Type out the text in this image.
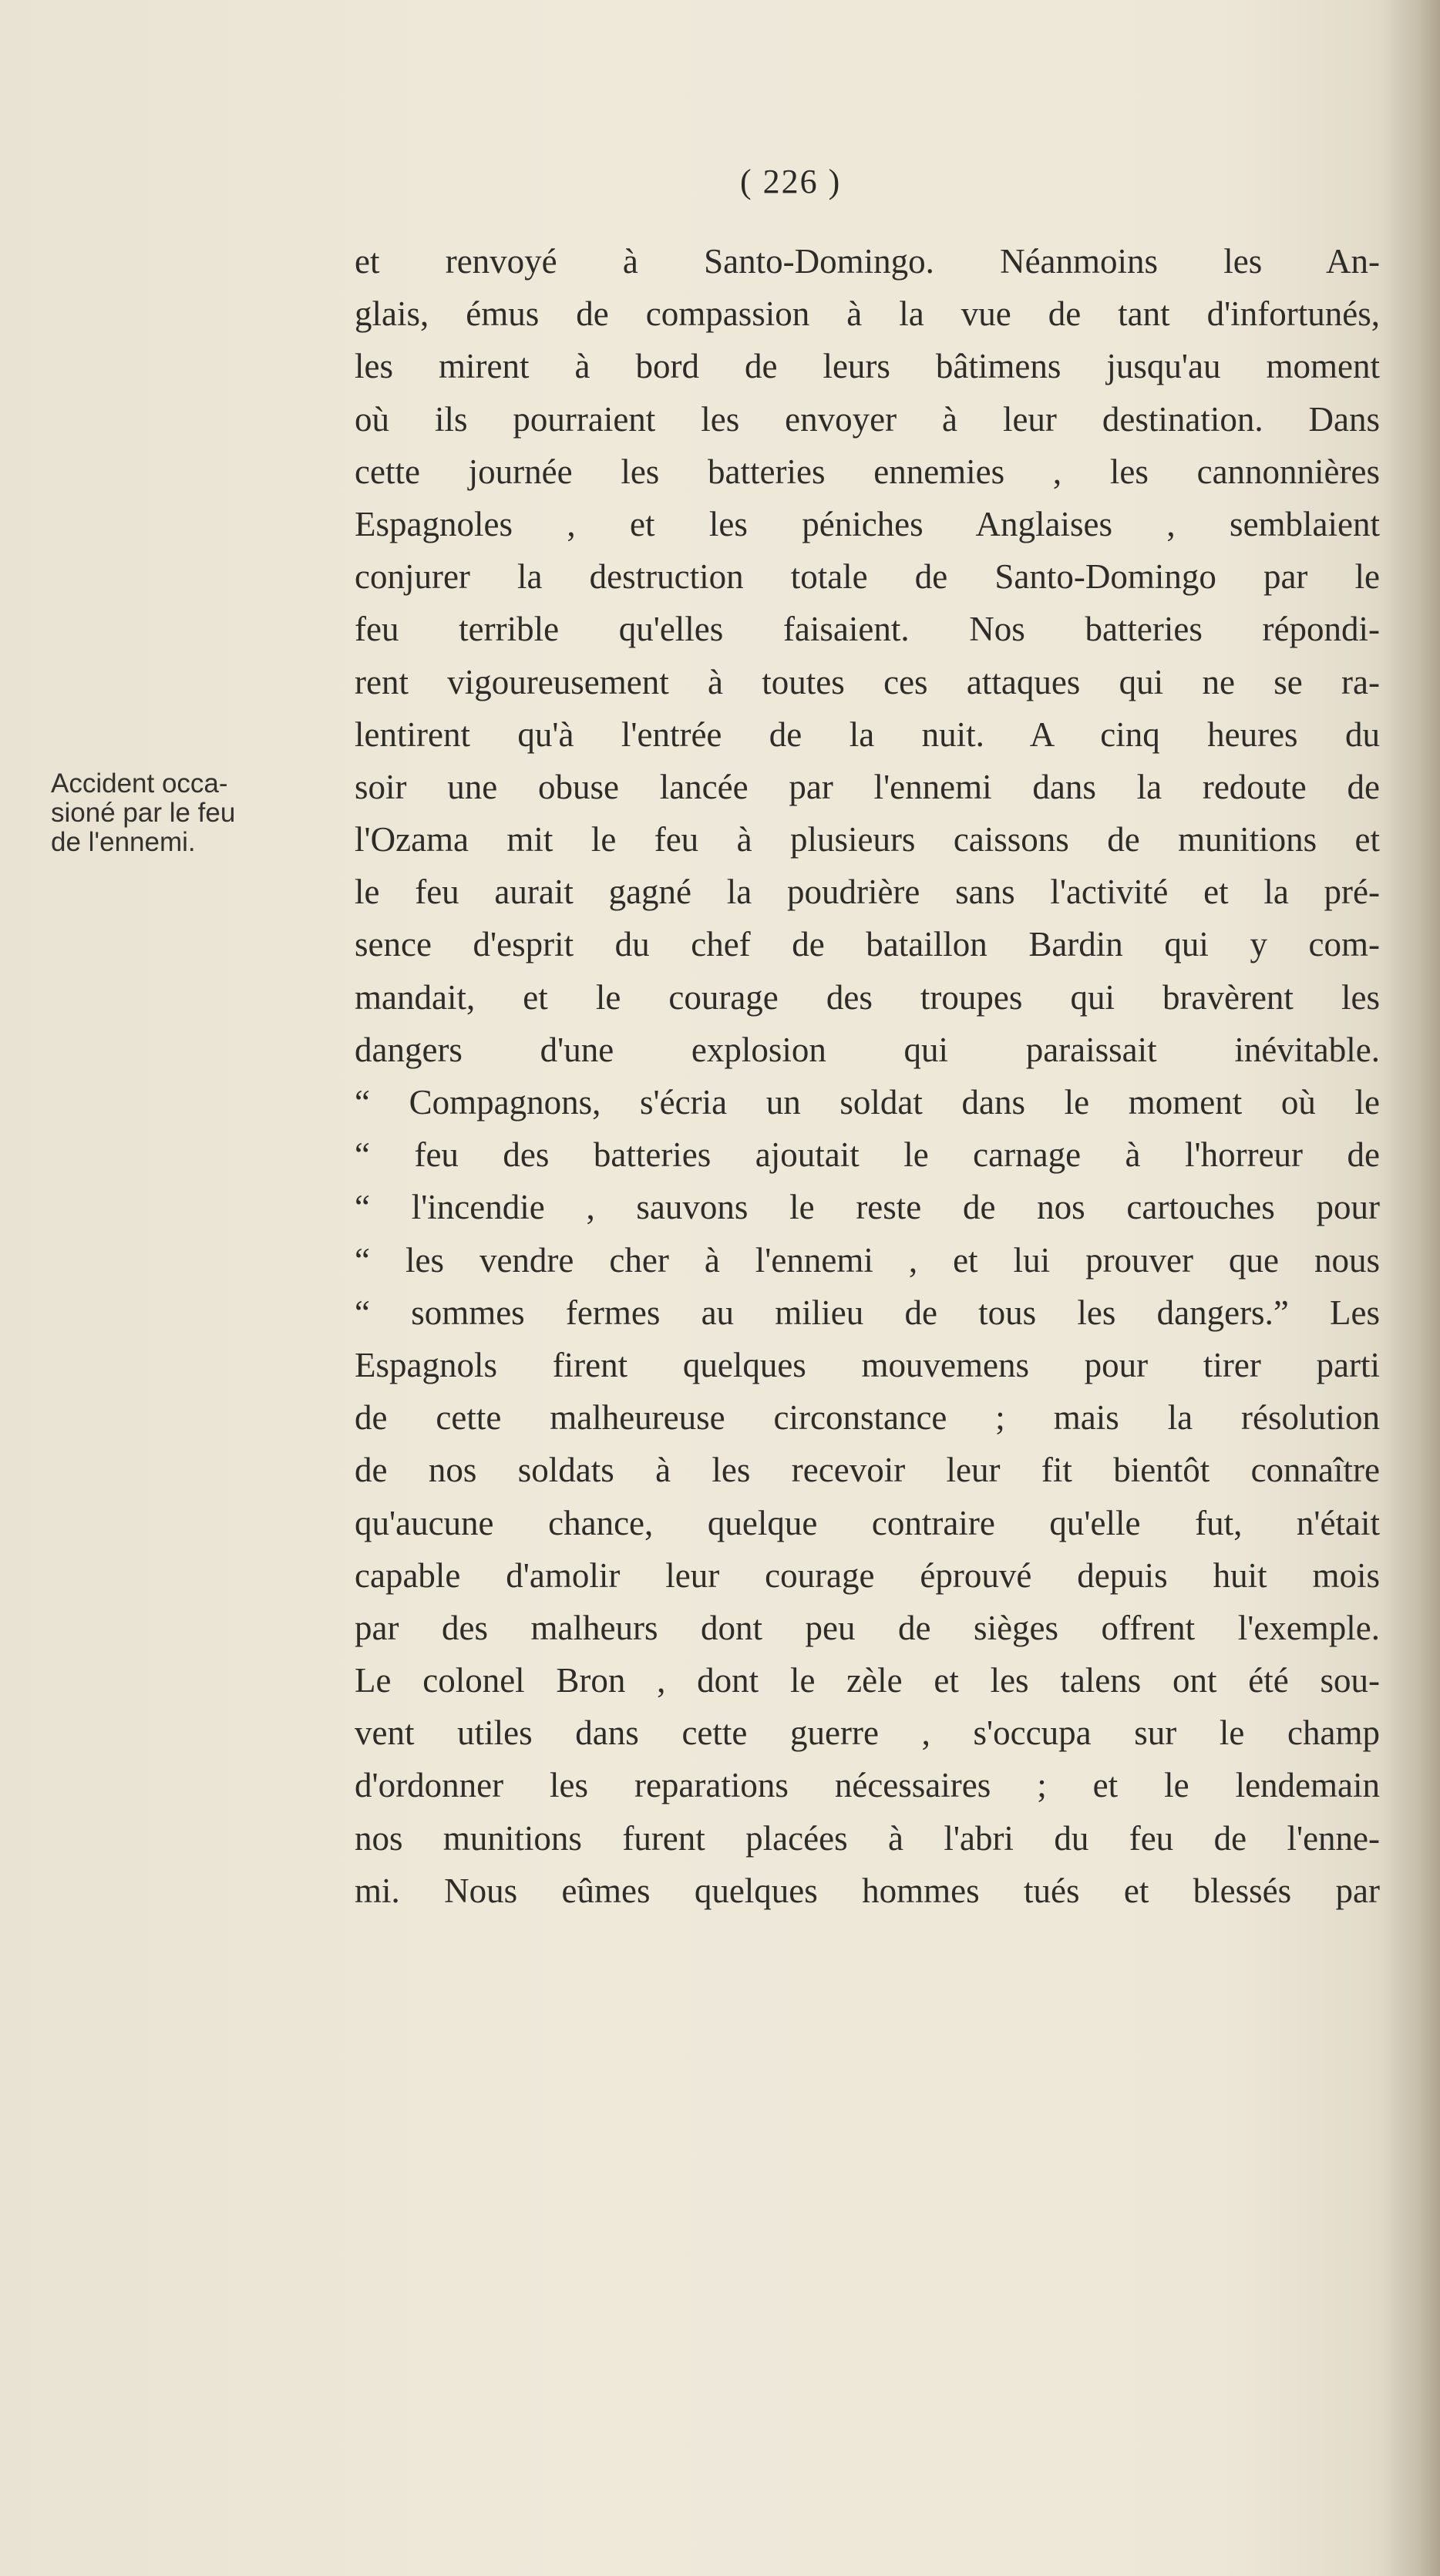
( 226 )
Accident occa-
sioné par le feu
de l'ennemi.
et renvoyé à Santo-Domingo. Néanmoins les An-
glais, émus de compassion à la vue de tant d'infortunés,
les mirent à bord de leurs bâtimens jusqu'au moment
où ils pourraient les envoyer à leur destination. Dans
cette journée les batteries ennemies , les cannonnières
Espagnoles , et les péniches Anglaises , semblaient
conjurer la destruction totale de Santo-Domingo par le
feu terrible qu'elles faisaient. Nos batteries répondi-
rent vigoureusement à toutes ces attaques qui ne se ra-
lentirent qu'à l'entrée de la nuit. A cinq heures du
soir une obuse lancée par l'ennemi dans la redoute de
l'Ozama mit le feu à plusieurs caissons de munitions et
le feu aurait gagné la poudrière sans l'activité et la pré-
sence d'esprit du chef de bataillon Bardin qui y com-
mandait, et le courage des troupes qui bravèrent les
dangers d'une explosion qui paraissait inévitable.
“ Compagnons, s'écria un soldat dans le moment où le
“ feu des batteries ajoutait le carnage à l'horreur de
“ l'incendie , sauvons le reste de nos cartouches pour
“ les vendre cher à l'ennemi , et lui prouver que nous
“ sommes fermes au milieu de tous les dangers.” Les
Espagnols firent quelques mouvemens pour tirer parti
de cette malheureuse circonstance ; mais la résolution
de nos soldats à les recevoir leur fit bientôt connaître
qu'aucune chance, quelque contraire qu'elle fut, n'était
capable d'amolir leur courage éprouvé depuis huit mois
par des malheurs dont peu de sièges offrent l'exemple.
Le colonel Bron , dont le zèle et les talens ont été sou-
vent utiles dans cette guerre , s'occupa sur le champ
d'ordonner les reparations nécessaires ; et le lendemain
nos munitions furent placées à l'abri du feu de l'enne-
mi. Nous eûmes quelques hommes tués et blessés par
